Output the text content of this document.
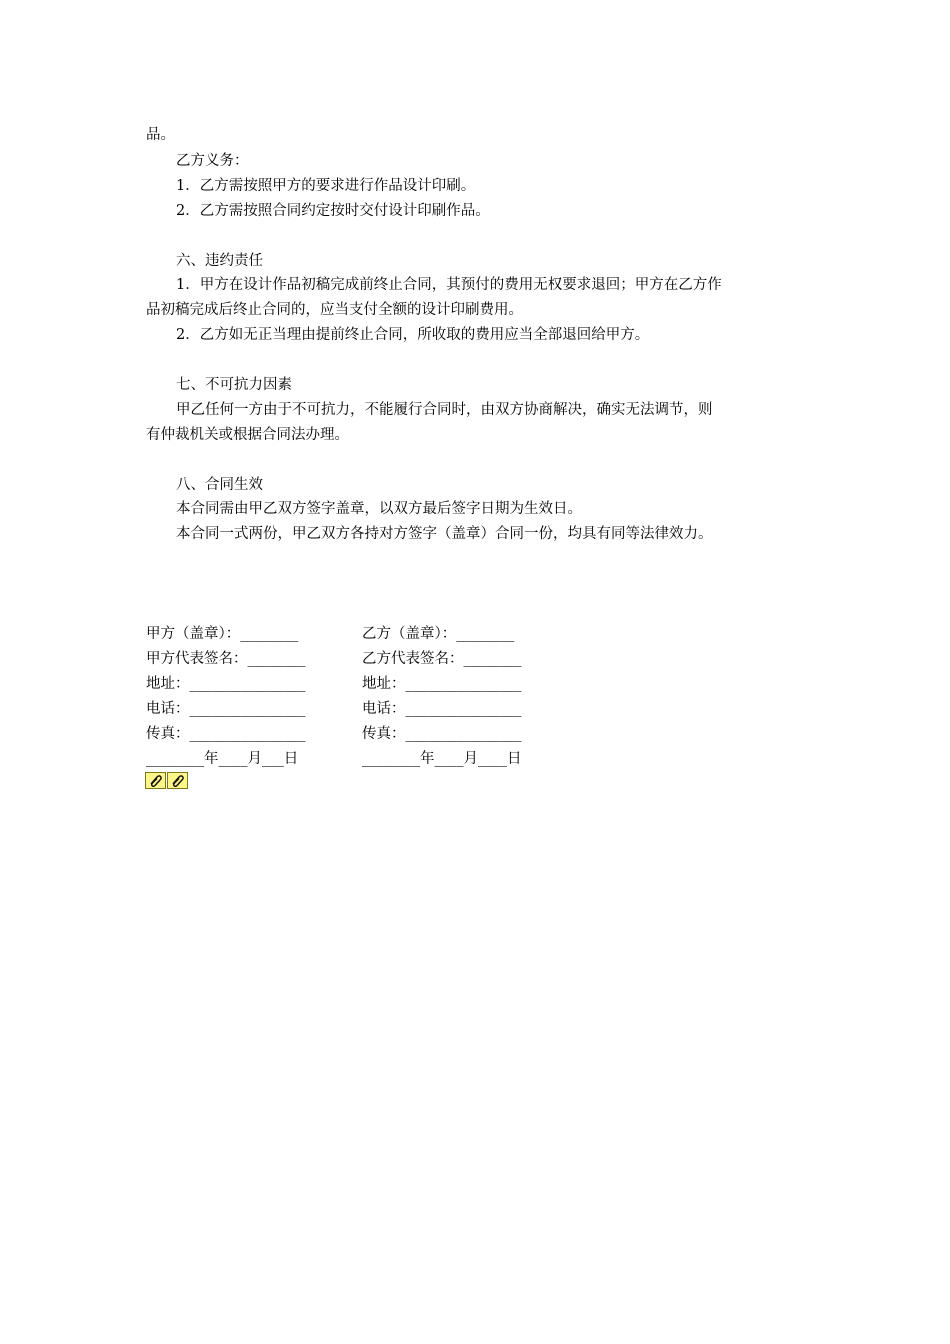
品。
乙方义务：
1．乙方需按照甲方的要求进行作品设计印刷。
2．乙方需按照合同约定按时交付设计印刷作品。
六、违约责任
1．甲方在设计作品初稿完成前终止合同，其预付的费用无权要求退回；甲方在乙方作
品初稿完成后终止合同的，应当支付全额的设计印刷费用。
2．乙方如无正当理由提前终止合同，所收取的费用应当全部退回给甲方。
七、不可抗力因素
甲乙任何一方由于不可抗力，不能履行合同时，由双方协商解决，确实无法调节，则
有仲裁机关或根据合同法办理。
八、合同生效
本合同需由甲乙双方签字盖章，以双方最后签字日期为生效日。
本合同一式两份，甲乙双方各持对方签字（盖章）合同一份，均具有同等法律效力。
甲方（盖章）：________
甲方代表签名：________
地址：________________
电话：________________
传真：________________
________年____月___日
乙方（盖章）：________
乙方代表签名：________
地址：________________
电话：________________
传真：________________
________年____月____日
